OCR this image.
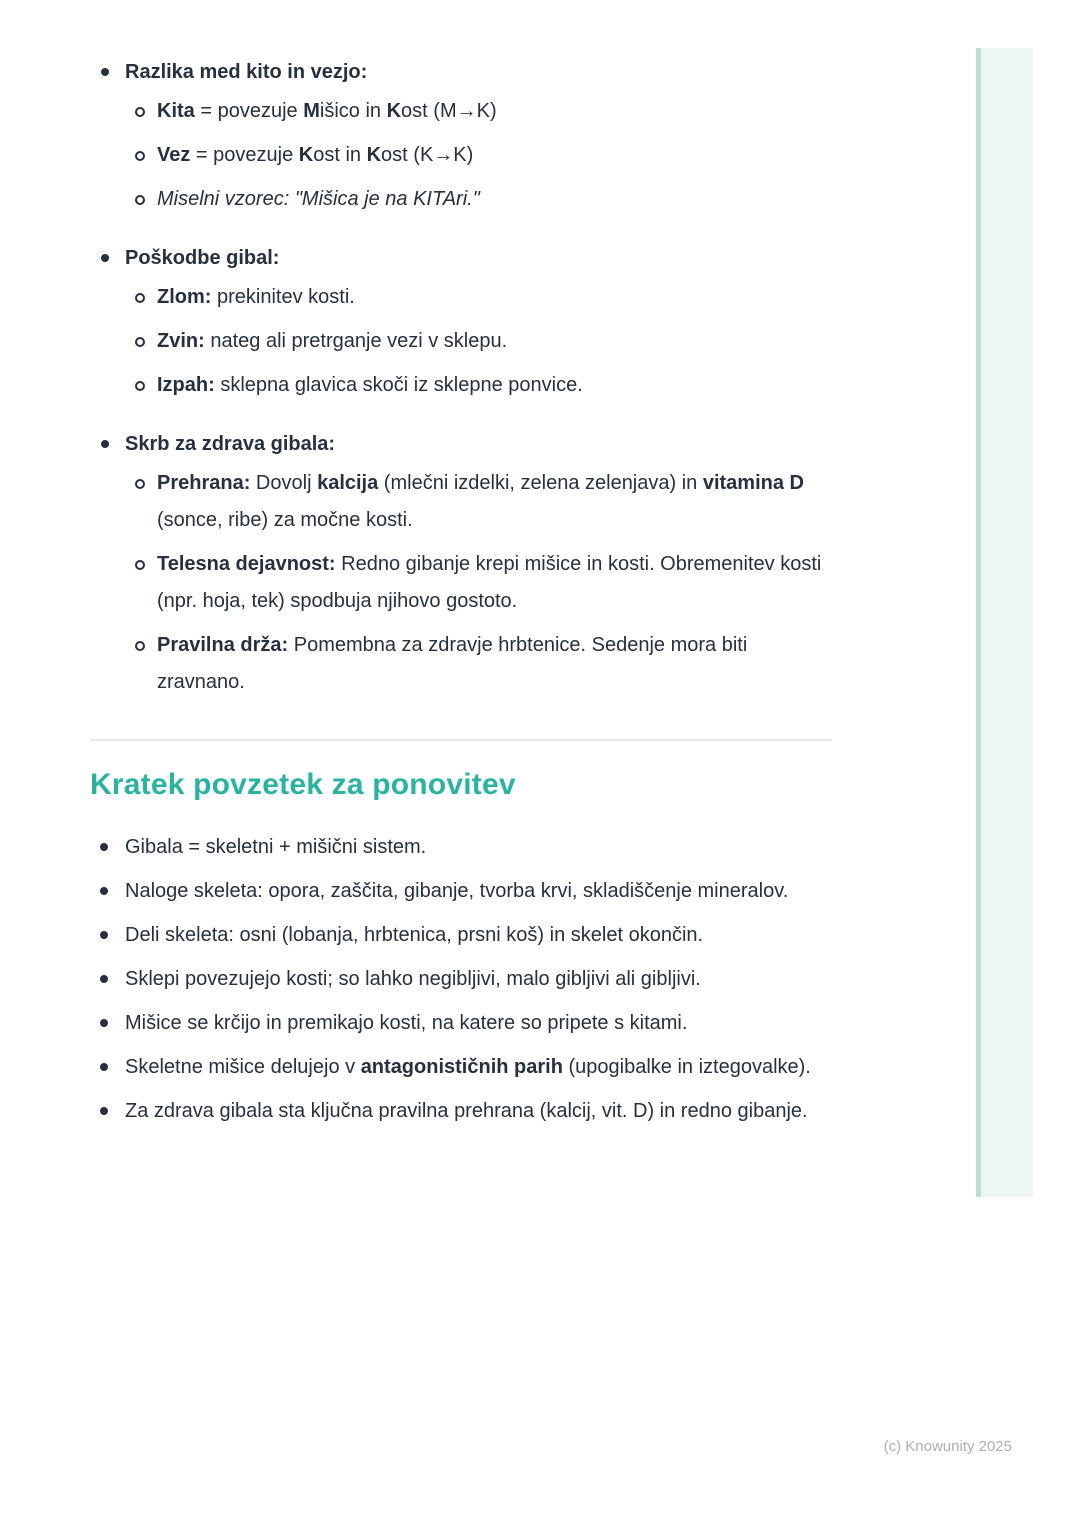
Razlika med kito in vezjo:

Kita = povezuje Mišico in Kost (M→K)

Vez = povezuje Kost in Kost (K→K)

Miselni vzorec: "Mišica je na KITAri."

Poškodbe gibal:

Zlom: prekinitev kosti.

Zvin: nateg ali pretrganje vezi v sklepu.

Izpah: sklepna glavica skoči iz sklepne ponvice.

Skrb za zdrava gibala:

Prehrana: Dovolj kalcija (mlečni izdelki, zelena zelenjava) in vitamina D (sonce, ribe) za močne kosti.

Telesna dejavnost: Redno gibanje krepi mišice in kosti. Obremenitev kosti (npr. hoja, tek) spodbuja njihovo gostoto.

Pravilna drža: Pomembna za zdravje hrbtenice. Sedenje mora biti zravnano.

Kratek povzetek za ponovitev
Gibala = skeletni + mišični sistem.
Naloge skeleta: opora, zaščita, gibanje, tvorba krvi, skladiščenje mineralov.
Deli skeleta: osni (lobanja, hrbtenica, prsni koš) in skelet okončin.
Sklepi povezujejo kosti; so lahko negibljivi, malo gibljivi ali gibljivi.
Mišice se krčijo in premikajo kosti, na katere so pripete s kitami.
Skeletne mišice delujejo v antagonističnih parih (upogibalke in iztegovalke).
Za zdrava gibala sta ključna pravilna prehrana (kalcij, vit. D) in redno gibanje.
(c) Knowunity 2025
